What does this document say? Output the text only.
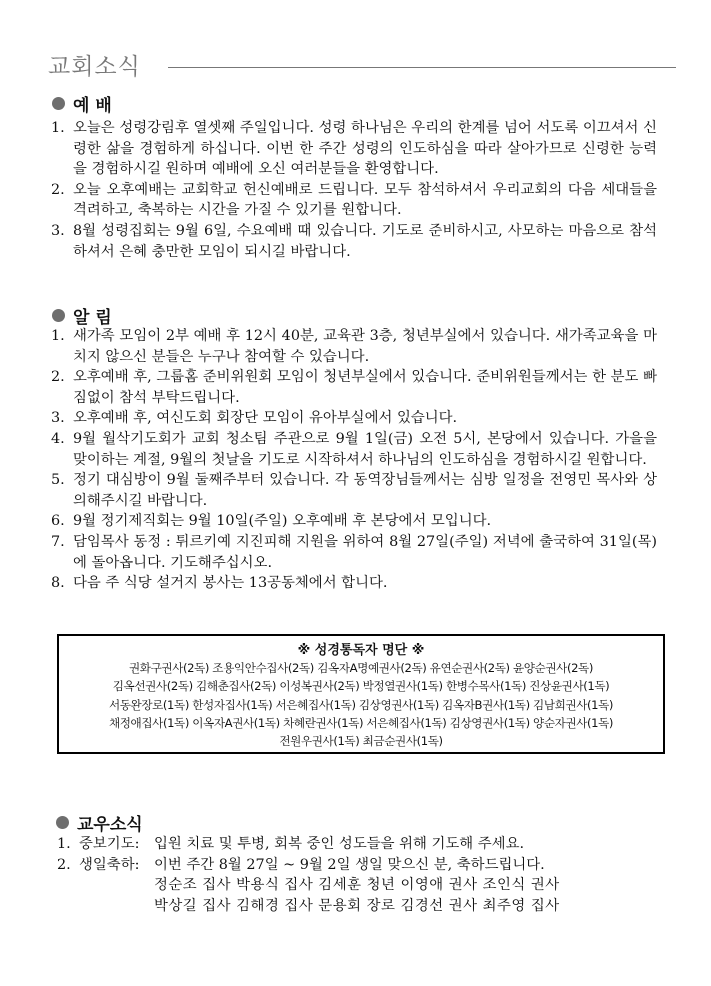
교회소식
예 배
1. 오늘은 성령강림후 열셋째 주일입니다. 성령 하나님은 우리의 한계를 넘어 서도록 이끄셔서 신령한 삶을 경험하게 하십니다. 이번 한 주간 성령의 인도하심을 따라 살아가므로 신령한 능력을 경험하시길 원하며 예배에 오신 여러분들을 환영합니다.
2. 오늘 오후예배는 교회학교 헌신예배로 드립니다. 모두 참석하셔서 우리교회의 다음 세대들을 격려하고, 축복하는 시간을 가질 수 있기를 원합니다.
3. 8월 성령집회는 9월 6일, 수요예배 때 있습니다. 기도로 준비하시고, 사모하는 마음으로 참석하셔서 은혜 충만한 모임이 되시길 바랍니다.
알 림
1. 새가족 모임이 2부 예배 후 12시 40분, 교육관 3층, 청년부실에서 있습니다. 새가족교육을 마치지 않으신 분들은 누구나 참여할 수 있습니다.
2. 오후예배 후, 그룹홈 준비위원회 모임이 청년부실에서 있습니다. 준비위원들께서는 한 분도 빠짐없이 참석 부탁드립니다.
3. 오후예배 후, 여신도회 회장단 모임이 유아부실에서 있습니다.
4. 9월 월삭기도회가 교회 청소팀 주관으로 9월 1일(금) 오전 5시, 본당에서 있습니다. 가을을 맞이하는 계절, 9월의 첫날을 기도로 시작하셔서 하나님의 인도하심을 경험하시길 원합니다.
5. 정기 대심방이 9월 둘째주부터 있습니다. 각 동역장님들께서는 심방 일정을 전영민 목사와 상의해주시길 바랍니다.
6. 9월 정기제직회는 9월 10일(주일) 오후예배 후 본당에서 모입니다.
7. 담임목사 동정 : 튀르키예 지진피해 지원을 위하여 8월 27일(주일) 저녁에 출국하여 31일(목)에 돌아옵니다. 기도해주십시오.
8. 다음 주 식당 설거지 봉사는 13공동체에서 합니다.
※ 성경통독자 명단 ※
권화구권사(2독) 조용익안수집사(2독) 김옥자A명예권사(2독) 유연순권사(2독) 윤양순권사(2독)
김옥선권사(2독) 김해춘집사(2독) 이성복권사(2독) 박정열권사(1독) 한병수목사(1독) 진상윤권사(1독)
서동완장로(1독) 한성자집사(1독) 서은혜집사(1독) 김상영권사(1독) 김옥자B권사(1독) 김남희권사(1독)
채정애집사(1독) 이옥자A권사(1독) 차혜란권사(1독) 서은혜집사(1독) 김상영권사(1독) 양순자권사(1독)
전원우권사(1독) 최금순권사(1독)
교우소식
1. 중보기도:	입원 치료 및 투병, 회복 중인 성도들을 위해 기도해 주세요.
2. 생일축하:	이번 주간 8월 27일 ~ 9월 2일 생일 맞으신 분, 축하드립니다.
정순조 집사 박용식 집사 김세훈 청년 이영애 권사 조인식 권사
박상길 집사 김해경 집사 문용회 장로 김경선 권사 최주영 집사
